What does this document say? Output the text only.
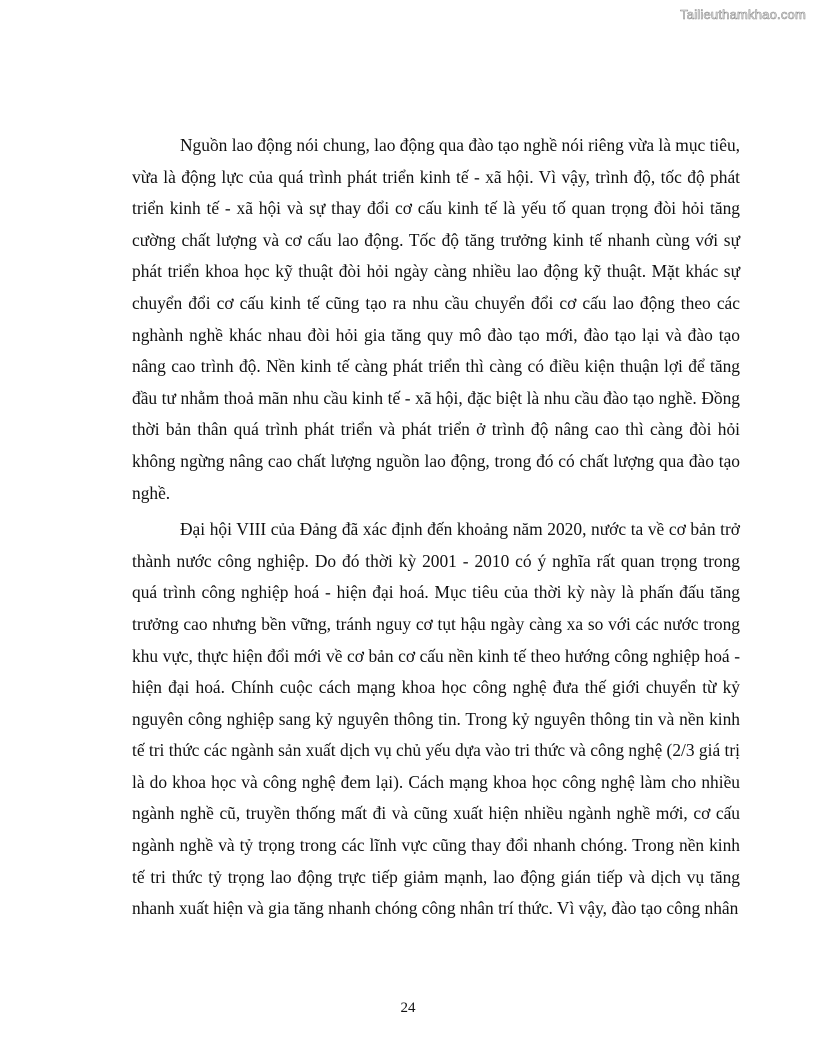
Tailieuthamkhao.com

Nguồn lao động nói chung, lao động qua đào tạo nghề nói riêng vừa là mục tiêu, vừa là động lực của quá trình phát triển kinh tế - xã hội. Vì vậy, trình độ, tốc độ phát triển kinh tế - xã hội và sự thay đổi cơ cấu kinh tế là yếu tố quan trọng đòi hỏi tăng cường chất lượng và cơ cấu lao động. Tốc độ tăng trưởng kinh tế nhanh cùng với sự phát triển khoa học kỹ thuật đòi hỏi ngày càng nhiều lao động kỹ thuật. Mặt khác sự chuyển đổi cơ cấu kinh tế cũng tạo ra nhu cầu chuyển đổi cơ cấu lao động theo các nghành nghề khác nhau đòi hỏi gia tăng quy mô đào tạo mới, đào tạo lại và đào tạo nâng cao trình độ. Nền kinh tế càng phát triển thì càng có điều kiện thuận lợi để tăng đầu tư nhằm thoả mãn nhu cầu kinh tế - xã hội, đặc biệt là nhu cầu đào tạo nghề. Đồng thời bản thân quá trình phát triển và phát triển ở trình độ nâng cao thì càng đòi hỏi không ngừng nâng cao chất lượng nguồn lao động, trong đó có chất lượng qua đào tạo nghề.

Đại hội VIII của Đảng đã xác định đến khoảng năm 2020, nước ta về cơ bản trở thành nước công nghiệp. Do đó thời kỳ 2001 - 2010 có ý nghĩa rất quan trọng trong quá trình công nghiệp hoá - hiện đại hoá. Mục tiêu của thời kỳ này là phấn đấu tăng trưởng cao nhưng bền vững, tránh nguy cơ tụt hậu ngày càng xa so với các nước trong khu vực, thực hiện đổi mới về cơ bản cơ cấu nền kinh tế theo hướng công nghiệp hoá - hiện đại hoá. Chính cuộc cách mạng khoa học công nghệ đưa thế giới chuyển từ kỷ nguyên công nghiệp sang kỷ nguyên thông tin. Trong kỷ nguyên thông tin và nền kinh tế tri thức các ngành sản xuất dịch vụ chủ yếu dựa vào tri thức và công nghệ (2/3 giá trị là do khoa học và công nghệ đem lại). Cách mạng khoa học công nghệ làm cho nhiều ngành nghề cũ, truyền thống mất đi và cũng xuất hiện nhiều ngành nghề mới, cơ cấu ngành nghề và tỷ trọng trong các lĩnh vực cũng thay đổi nhanh chóng. Trong nền kinh tế tri thức tỷ trọng lao động trực tiếp giảm mạnh, lao động gián tiếp và dịch vụ tăng nhanh xuất hiện và gia tăng nhanh chóng công nhân trí thức. Vì vậy, đào tạo công nhân

24
